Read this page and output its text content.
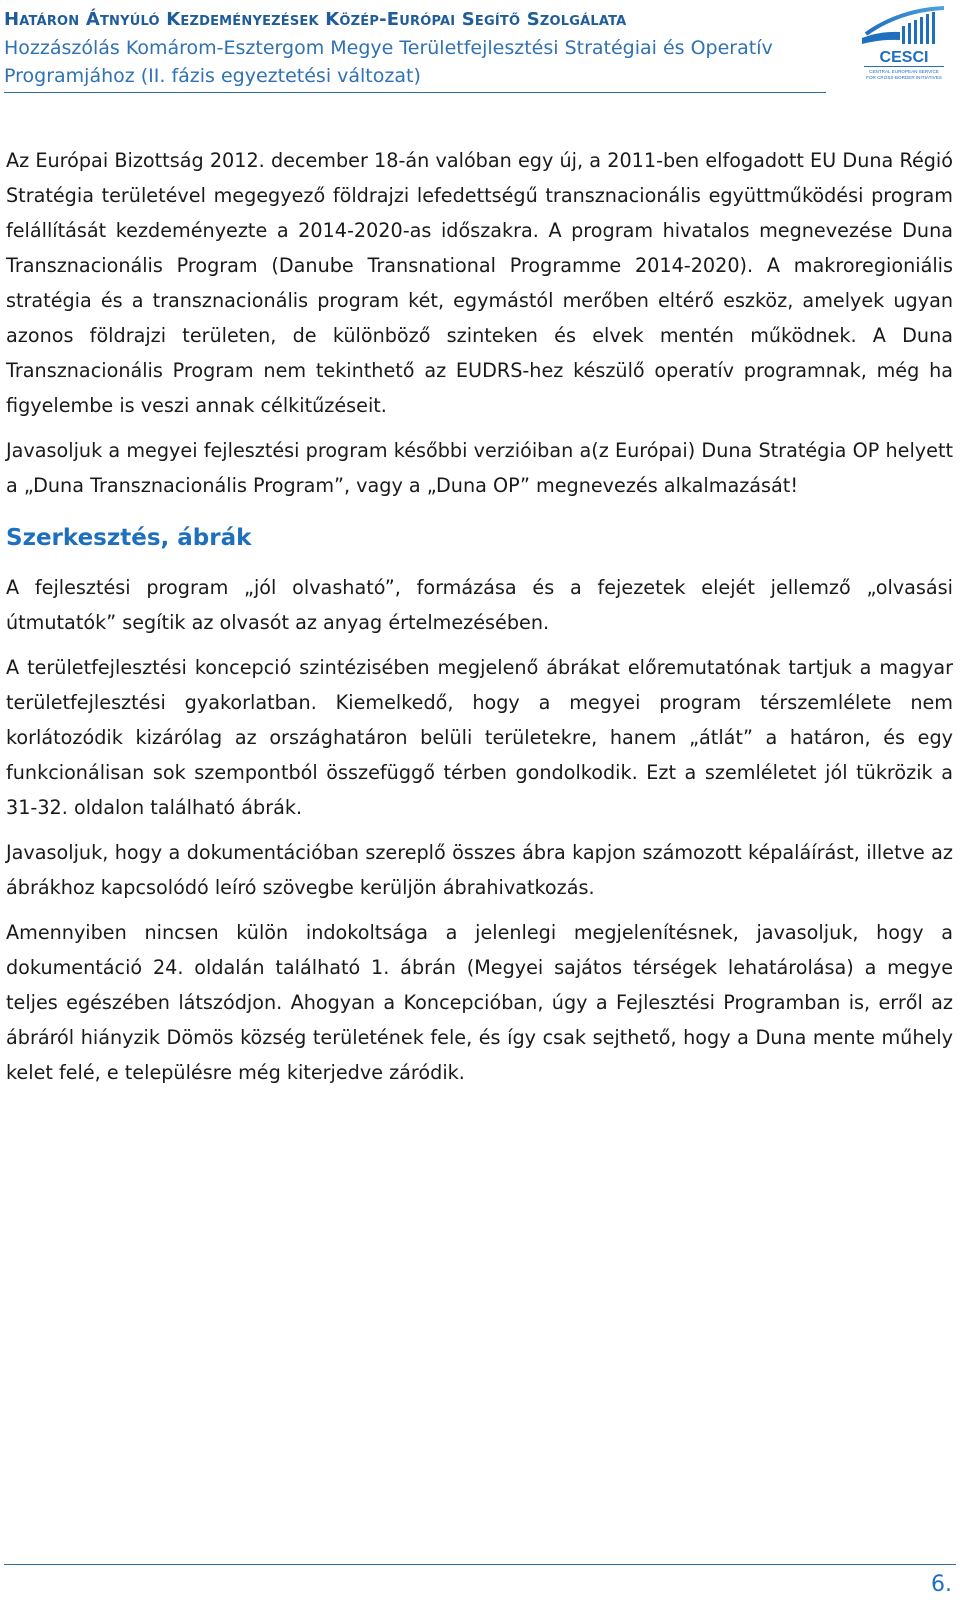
Határon Átnyúló Kezdeményezések Közép-Európai Segítő Szolgálata

Hozzászólás Komárom-Esztergom Megye Területfejlesztési Stratégiai és Operatív

Programjához (II. fázis egyeztetési változat)

CESCI
CENTRAL EUROPEAN SERVICE
FOR CROSS-BORDER INITIATIVES

Az Európai Bizottság 2012. december 18-án valóban egy új, a 2011-ben elfogadott EU Duna Régió Stratégia területével megegyező földrajzi lefedettségű transznacionális együttműködési program felállítását kezdeményezte a 2014-2020-as időszakra. A program hivatalos megnevezése Duna Transznacionális Program (Danube Transnational Programme 2014-2020). A makroregioniális stratégia és a transznacionális program két, egymástól merőben eltérő eszköz, amelyek ugyan azonos földrajzi területen, de különböző szinteken és elvek mentén működnek. A Duna Transznacionális Program nem tekinthető az EUDRS-hez készülő operatív programnak, még ha figyelembe is veszi annak célkitűzéseit.

Javasoljuk a megyei fejlesztési program későbbi verzióiban a(z Európai) Duna Stratégia OP helyett a „Duna Transznacionális Program”, vagy a „Duna OP” megnevezés alkalmazását!

Szerkesztés, ábrák

A fejlesztési program „jól olvasható”, formázása és a fejezetek elejét jellemző „olvasási útmutatók” segítik az olvasót az anyag értelmezésében.

A területfejlesztési koncepció szintézisében megjelenő ábrákat előremutatónak tartjuk a magyar területfejlesztési gyakorlatban. Kiemelkedő, hogy a megyei program térszemlélete nem korlátozódik kizárólag az országhatáron belüli területekre, hanem „átlát” a határon, és egy funkcionálisan sok szempontból összefüggő térben gondolkodik. Ezt a szemléletet jól tükrözik a 31-32. oldalon található ábrák.

Javasoljuk, hogy a dokumentációban szereplő összes ábra kapjon számozott képaláírást, illetve az ábrákhoz kapcsolódó leíró szövegbe kerüljön ábrahivatkozás.

Amennyiben nincsen külön indokoltsága a jelenlegi megjelenítésnek, javasoljuk, hogy a dokumentáció 24. oldalán található 1. ábrán (Megyei sajátos térségek lehatárolása) a megye teljes egészében látszódjon. Ahogyan a Koncepcióban, úgy a Fejlesztési Programban is, erről az ábráról hiányzik Dömös község területének fele, és így csak sejthető, hogy a Duna mente műhely kelet felé, e településre még kiterjedve záródik.

6.
